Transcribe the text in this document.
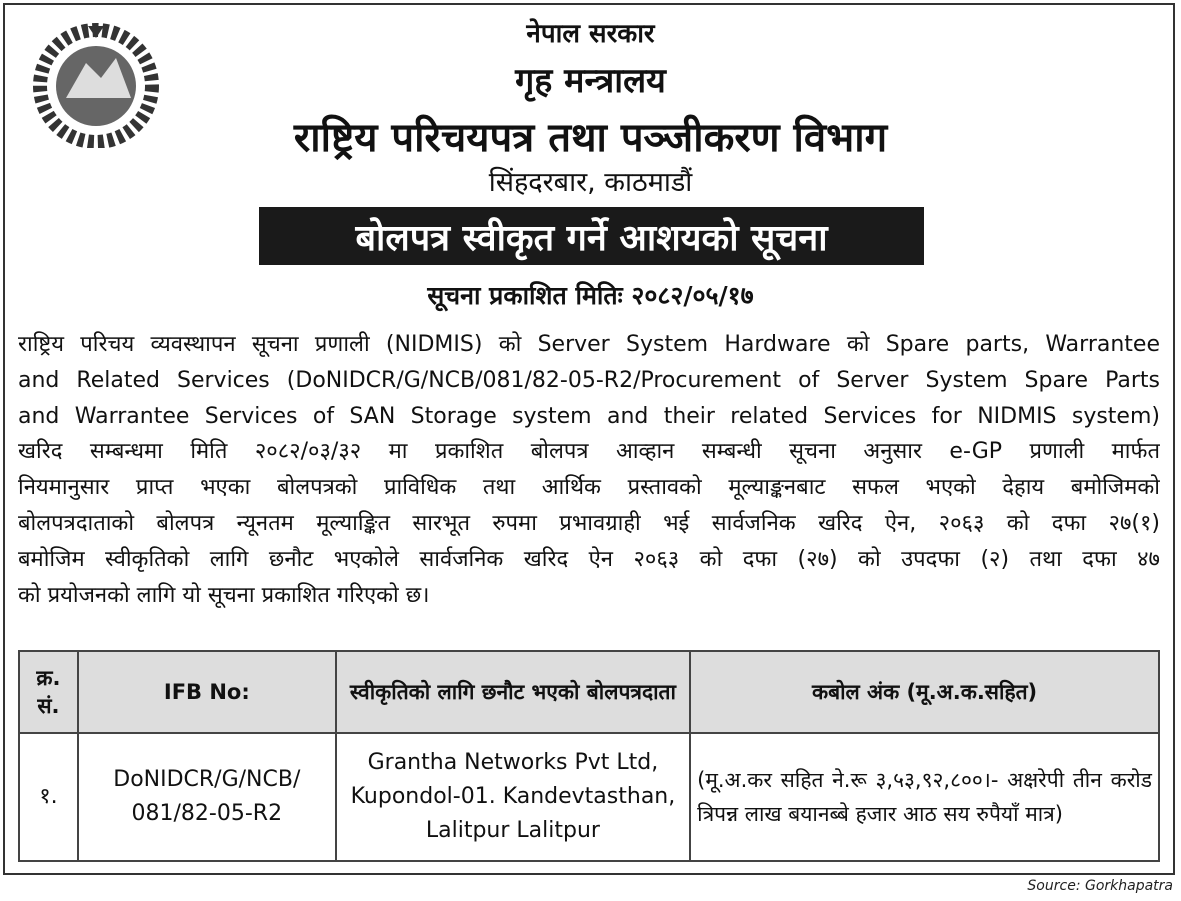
नेपाल सरकार
गृह मन्त्रालय
राष्ट्रिय परिचयपत्र तथा पञ्जीकरण विभाग
सिंहदरबार, काठमाडौं
बोलपत्र स्वीकृत गर्ने आशयको सूचना
सूचना प्रकाशित मितिः २०८२/०५/१७
राष्ट्रिय परिचय व्यवस्थापन सूचना प्रणाली (NIDMIS) को Server System Hardware को Spare parts, Warrantee
and Related Services (DoNIDCR/G/NCB/081/82-05-R2/Procurement of Server System Spare Parts
and Warrantee Services of SAN Storage system and their related Services for NIDMIS system)
खरिद सम्बन्धमा मिति २०८२/०३/३२ मा प्रकाशित बोलपत्र आव्हान सम्बन्धी सूचना अनुसार e-GP प्रणाली मार्फत
नियमानुसार प्राप्त भएका बोलपत्रको प्राविधिक तथा आर्थिक प्रस्तावको मूल्याङ्कनबाट सफल भएको देहाय बमोजिमको
बोलपत्रदाताको बोलपत्र न्यूनतम मूल्याङ्कित सारभूत रुपमा प्रभावग्राही भई सार्वजनिक खरिद ऐन, २०६३ को दफा २७(१)
बमोजिम स्वीकृतिको लागि छनौट भएकोले सार्वजनिक खरिद ऐन २०६३ को दफा (२७) को उपदफा (२) तथा दफा ४७
को प्रयोजनको लागि यो सूचना प्रकाशित गरिएको छ।
क्र. सं.	IFB No:	स्वीकृतिको लागि छनौट भएको बोलपत्रदाता	कबोल अंक (मू.अ.क.सहित)
१.	DoNIDCR/G/NCB/ 081/82-05-R2	Grantha Networks Pvt Ltd, Kupondol-01. Kandevtasthan, Lalitpur Lalitpur	(मू.अ.कर सहित ने.रू ३,५३,९२,८००।- अक्षरेपी तीन करोड त्रिपन्न लाख बयानब्बे हजार आठ सय रुपैयाँ मात्र)
Source: Gorkhapatra
